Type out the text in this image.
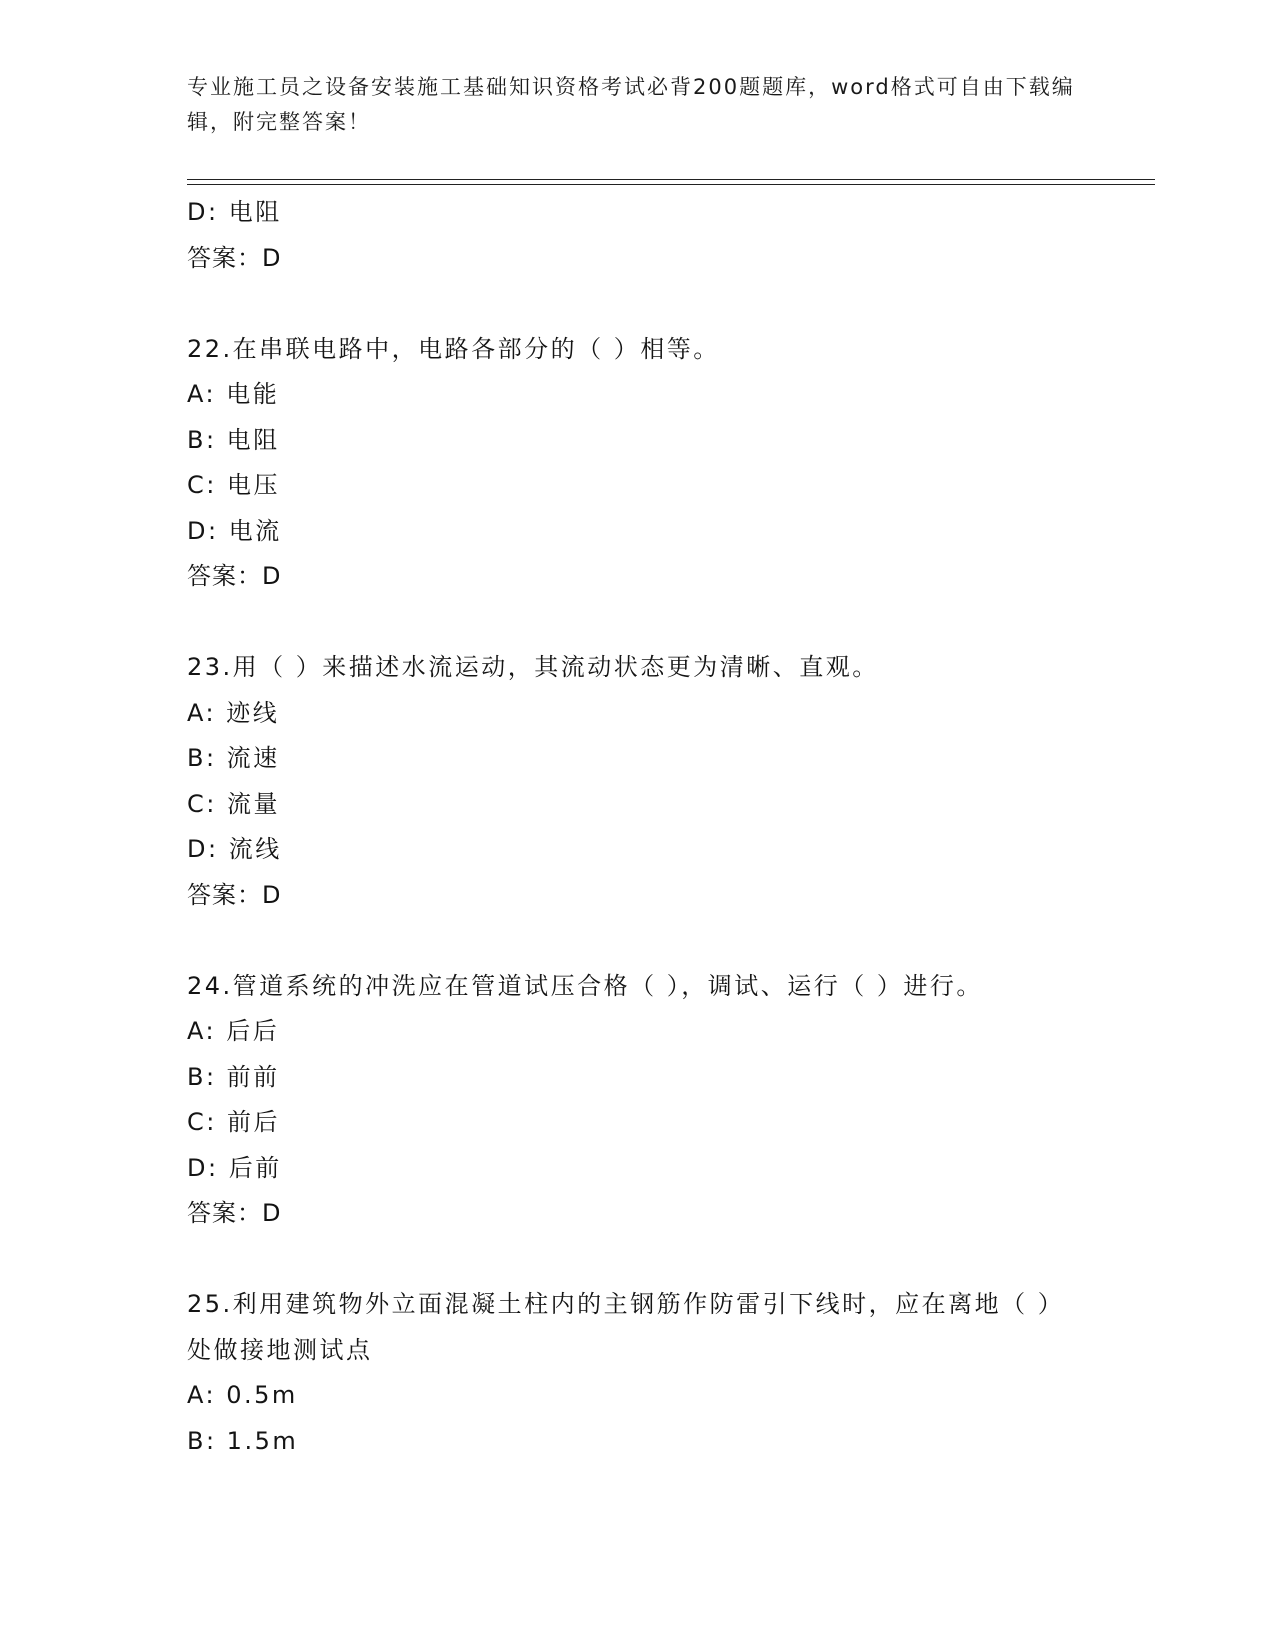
专业施工员之设备安装施工基础知识资格考试必背200题题库，word格式可自由下载编辑，附完整答案！
D: 电阻
答案：D
22.在串联电路中，电路各部分的（ ）相等。
A: 电能
B: 电阻
C: 电压
D: 电流
答案：D
23.用（ ）来描述水流运动，其流动状态更为清晰、直观。
A: 迹线
B: 流速
C: 流量
D: 流线
答案：D
24.管道系统的冲洗应在管道试压合格（ ），调试、运行（ ）进行。
A: 后后
B: 前前
C: 前后
D: 后前
答案：D
25.利用建筑物外立面混凝土柱内的主钢筋作防雷引下线时，应在离地（ ）处做接地测试点
A: 0.5m
B: 1.5m
